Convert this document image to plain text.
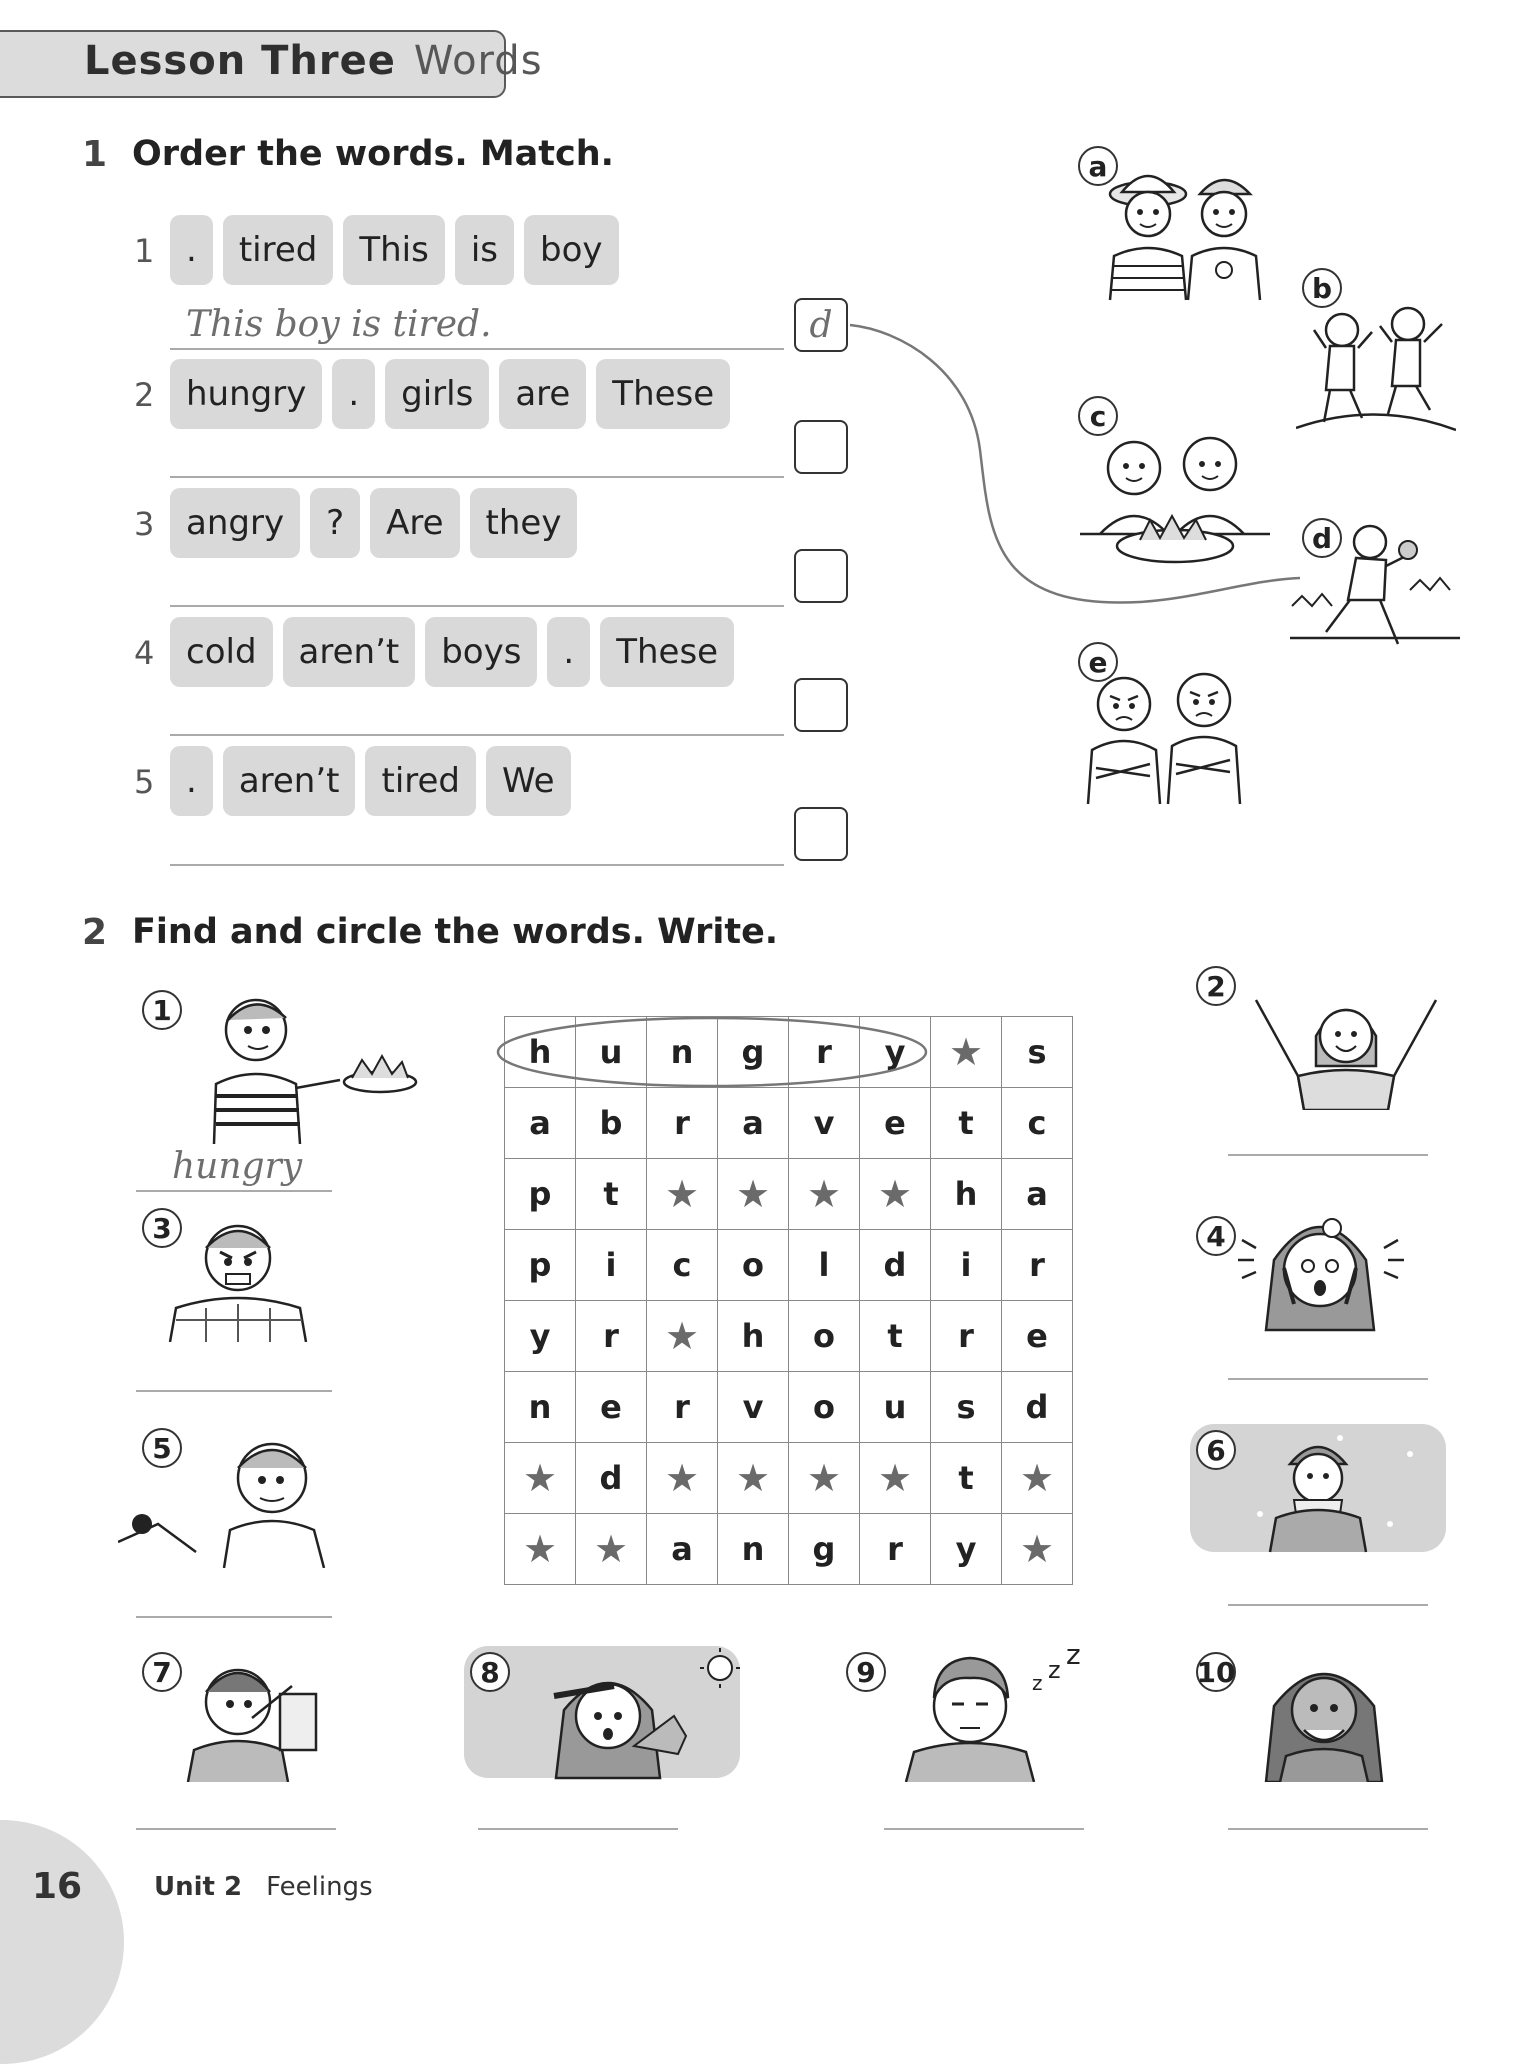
Lesson Three Words
1 Order the words. Match.
1 .	tired	This	is	boy
This boy is tired.	d
2 hungry	.	girls	are	These
3 angry	?	Are	they
4 cold	aren’t	boys	.	These
5 .	aren’t	tired	We
a
b
c
d
e
2 Find and circle the words. Write.
h	u	n	g	r	y	★	s
a	b	r	a	v	e	t	c
p	t	★	★	★	★	h	a
p	i	c	o	l	d	i	r
y	r	★	h	o	t	r	e
n	e	r	v	o	u	s	d
★	d	★	★	★	★	t	★
★	★	a	n	g	r	y	★
1
hungry
3
5
2
4
6
7	8	9	z z z
10
16	Unit 2 Feelings
